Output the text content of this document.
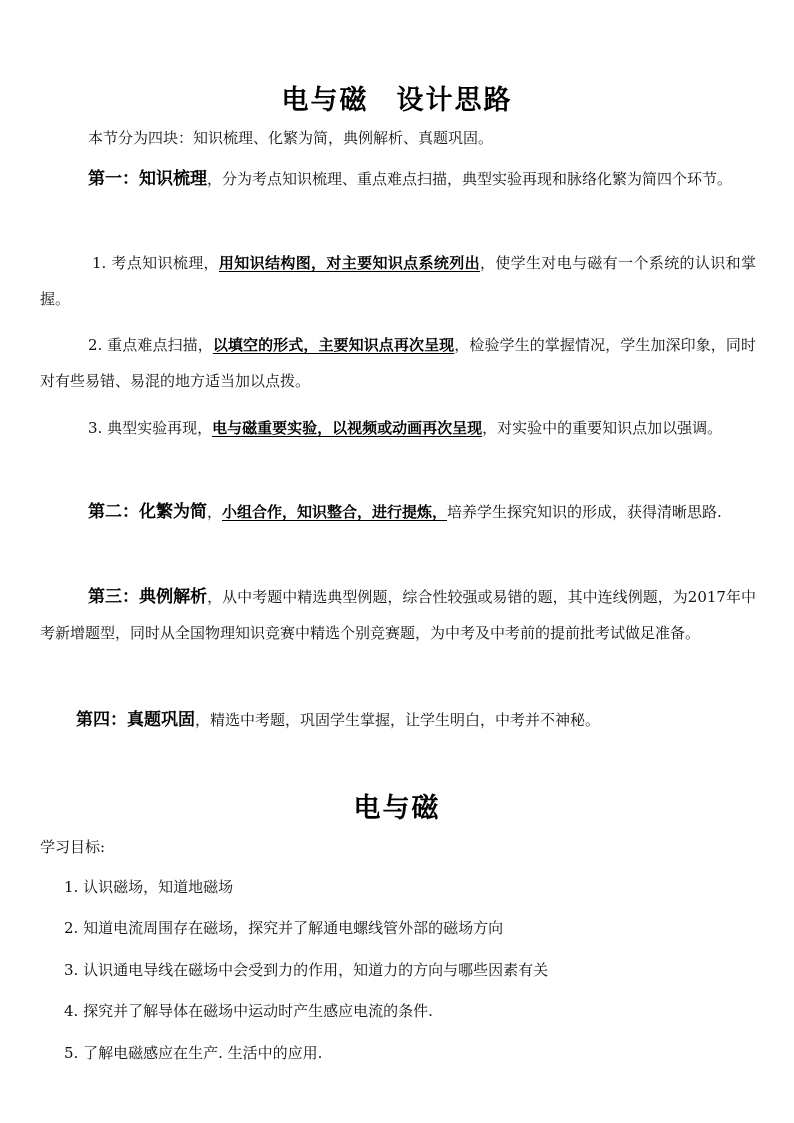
电与磁 设计思路
本节分为四块：知识梳理、化繁为简，典例解析、真题巩固。
第一：知识梳理，分为考点知识梳理、重点难点扫描，典型实验再现和脉络化繁为简四个环节。
1. 考点知识梳理，用知识结构图，对主要知识点系统列出，使学生对电与磁有一个系统的认识和掌握。
2. 重点难点扫描，以填空的形式，主要知识点再次呈现，检验学生的掌握情况，学生加深印象，同时对有些易错、易混的地方适当加以点拨。
3. 典型实验再现，电与磁重要实验，以视频或动画再次呈现，对实验中的重要知识点加以强调。
第二：化繁为简，小组合作，知识整合，进行提炼，培养学生探究知识的形成，获得清晰思路.
第三：典例解析，从中考题中精选典型例题，综合性较强或易错的题，其中连线例题，为2017年中考新增题型，同时从全国物理知识竞赛中精选个别竞赛题，为中考及中考前的提前批考试做足准备。
第四：真题巩固，精选中考题，巩固学生掌握，让学生明白，中考并不神秘。
电与磁
学习目标:
1. 认识磁场，知道地磁场
2. 知道电流周围存在磁场，探究并了解通电螺线管外部的磁场方向
3. 认识通电导线在磁场中会受到力的作用，知道力的方向与哪些因素有关
4. 探究并了解导体在磁场中运动时产生感应电流的条件.
5. 了解电磁感应在生产. 生活中的应用.
